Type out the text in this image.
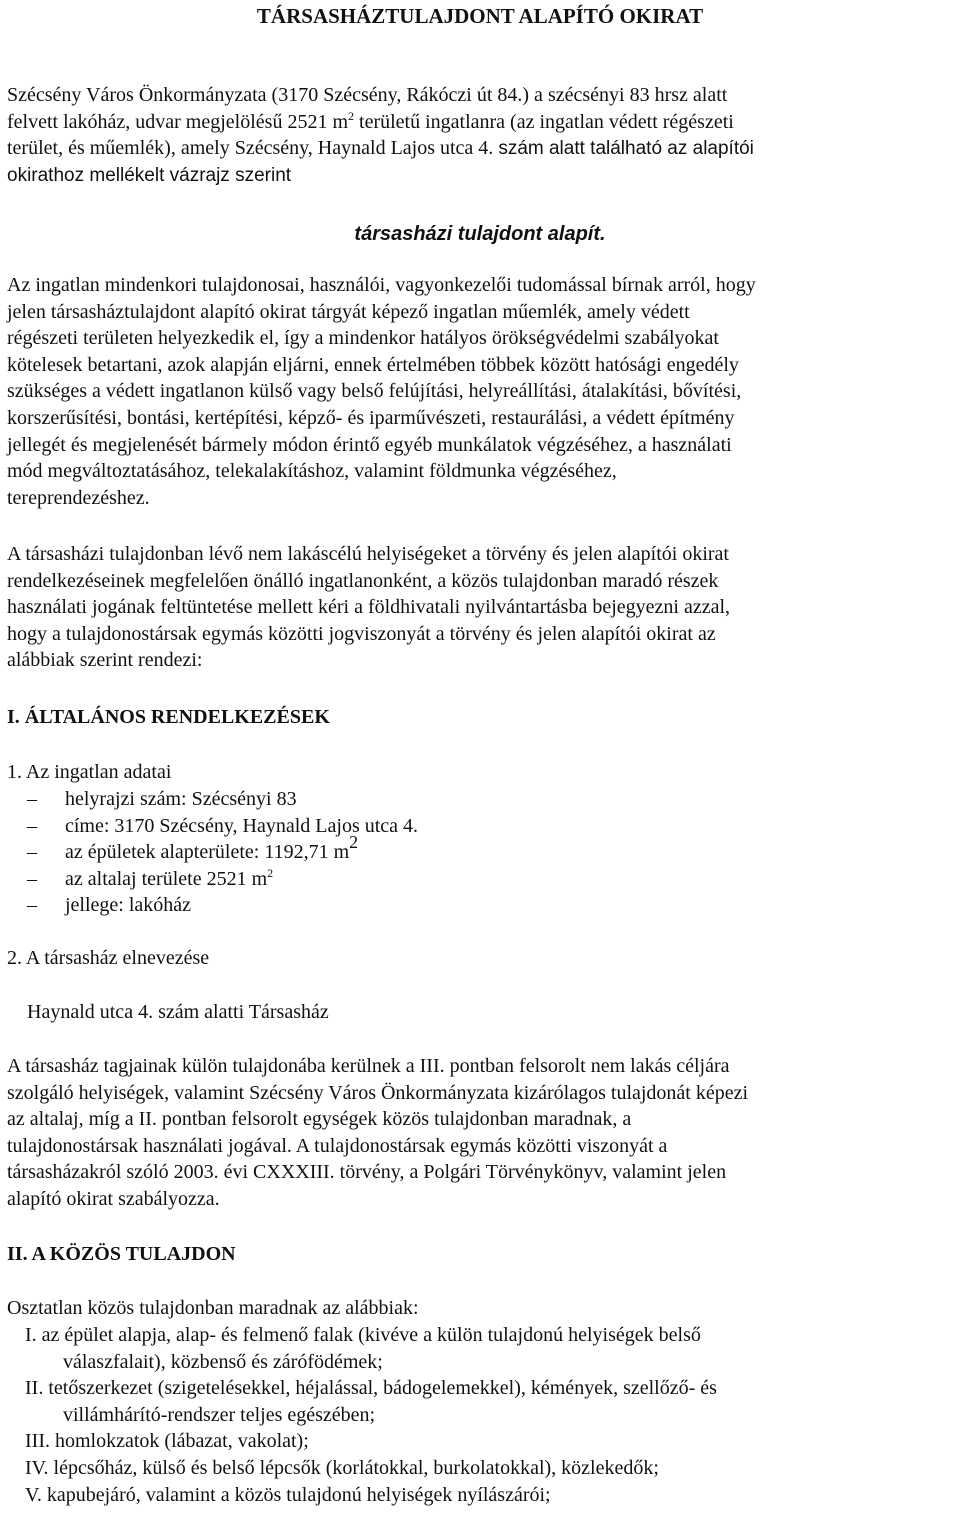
TÁRSASHÁZTULAJDONT ALAPÍTÓ OKIRAT
Szécsény Város Önkormányzata (3170 Szécsény, Rákóczi út 84.) a szécsényi 83 hrsz alatt
felvett lakóház, udvar megjelölésű 2521 $m^2$ területű ingatlanra (az ingatlan védett régészeti
terület, és műemlék), amely Szécsény, Haynald Lajos utca 4. szám alatt található az alapítói
okirathoz mellékelt vázrajz szerint
társasházi tulajdont alapít.
Az ingatlan mindenkori tulajdonosai, használói, vagyonkezelői tudomással bírnak arról, hogy
jelen társasháztulajdont alapító okirat tárgyát képező ingatlan műemlék, amely védett
régészeti területen helyezkedik el, így a mindenkor hatályos örökségvédelmi szabályokat
kötelesek betartani, azok alapján eljárni, ennek értelmében többek között hatósági engedély
szükséges a védett ingatlanon külső vagy belső felújítási, helyreállítási, átalakítási, bővítési,
korszerűsítési, bontási, kertépítési, képző- és iparművészeti, restaurálási, a védett építmény
jellegét és megjelenését bármely módon érintő egyéb munkálatok végzéséhez, a használati
mód megváltoztatásához, telekalakításhoz, valamint földmunka végzéséhez,
tereprendezéshez.
A társasházi tulajdonban lévő nem lakáscélú helyiségeket a törvény és jelen alapítói okirat
rendelkezéseinek megfelelően önálló ingatlanonként, a közös tulajdonban maradó részek
használati jogának feltüntetése mellett kéri a földhivatali nyilvántartásba bejegyezni azzal,
hogy a tulajdonostársak egymás közötti jogviszonyát a törvény és jelen alapítói okirat az
alábbiak szerint rendezi:
I. ÁLTALÁNOS RENDELKEZÉSEK
1. Az ingatlan adatai
– helyrajzi szám: Szécsényi 83
– címe: 3170 Szécsény, Haynald Lajos utca 4.
– az épületek alapterülete: 1192,71 $m^2$
– az altalaj területe 2521 $m^2$
– jellege: lakóház
2. A társasház elnevezése
Haynald utca 4. szám alatti Társasház
A társasház tagjainak külön tulajdonába kerülnek a III. pontban felsorolt nem lakás céljára
szolgáló helyiségek, valamint Szécsény Város Önkormányzata kizárólagos tulajdonát képezi
az altalaj, míg a II. pontban felsorolt egységek közös tulajdonban maradnak, a
tulajdonostársak használati jogával. A tulajdonostársak egymás közötti viszonyát a
társasházakról szóló 2003. évi CXXXIII. törvény, a Polgári Törvénykönyv, valamint jelen
alapító okirat szabályozza.
II. A KÖZÖS TULAJDON
Osztatlan közös tulajdonban maradnak az alábbiak:
I. az épület alapja, alap- és felmenő falak (kivéve a külön tulajdonú helyiségek belső
válaszfalait), közbenső és zárófödémek;
II. tetőszerkezet (szigetelésekkel, héjalással, bádogelemekkel), kémények, szellőző- és
villámhárító-rendszer teljes egészében;
III. homlokzatok (lábazat, vakolat);
IV. lépcsőház, külső és belső lépcsők (korlátokkal, burkolatokkal), közlekedők;
V. kapubejáró, valamint a közös tulajdonú helyiségek nyílászárói;
